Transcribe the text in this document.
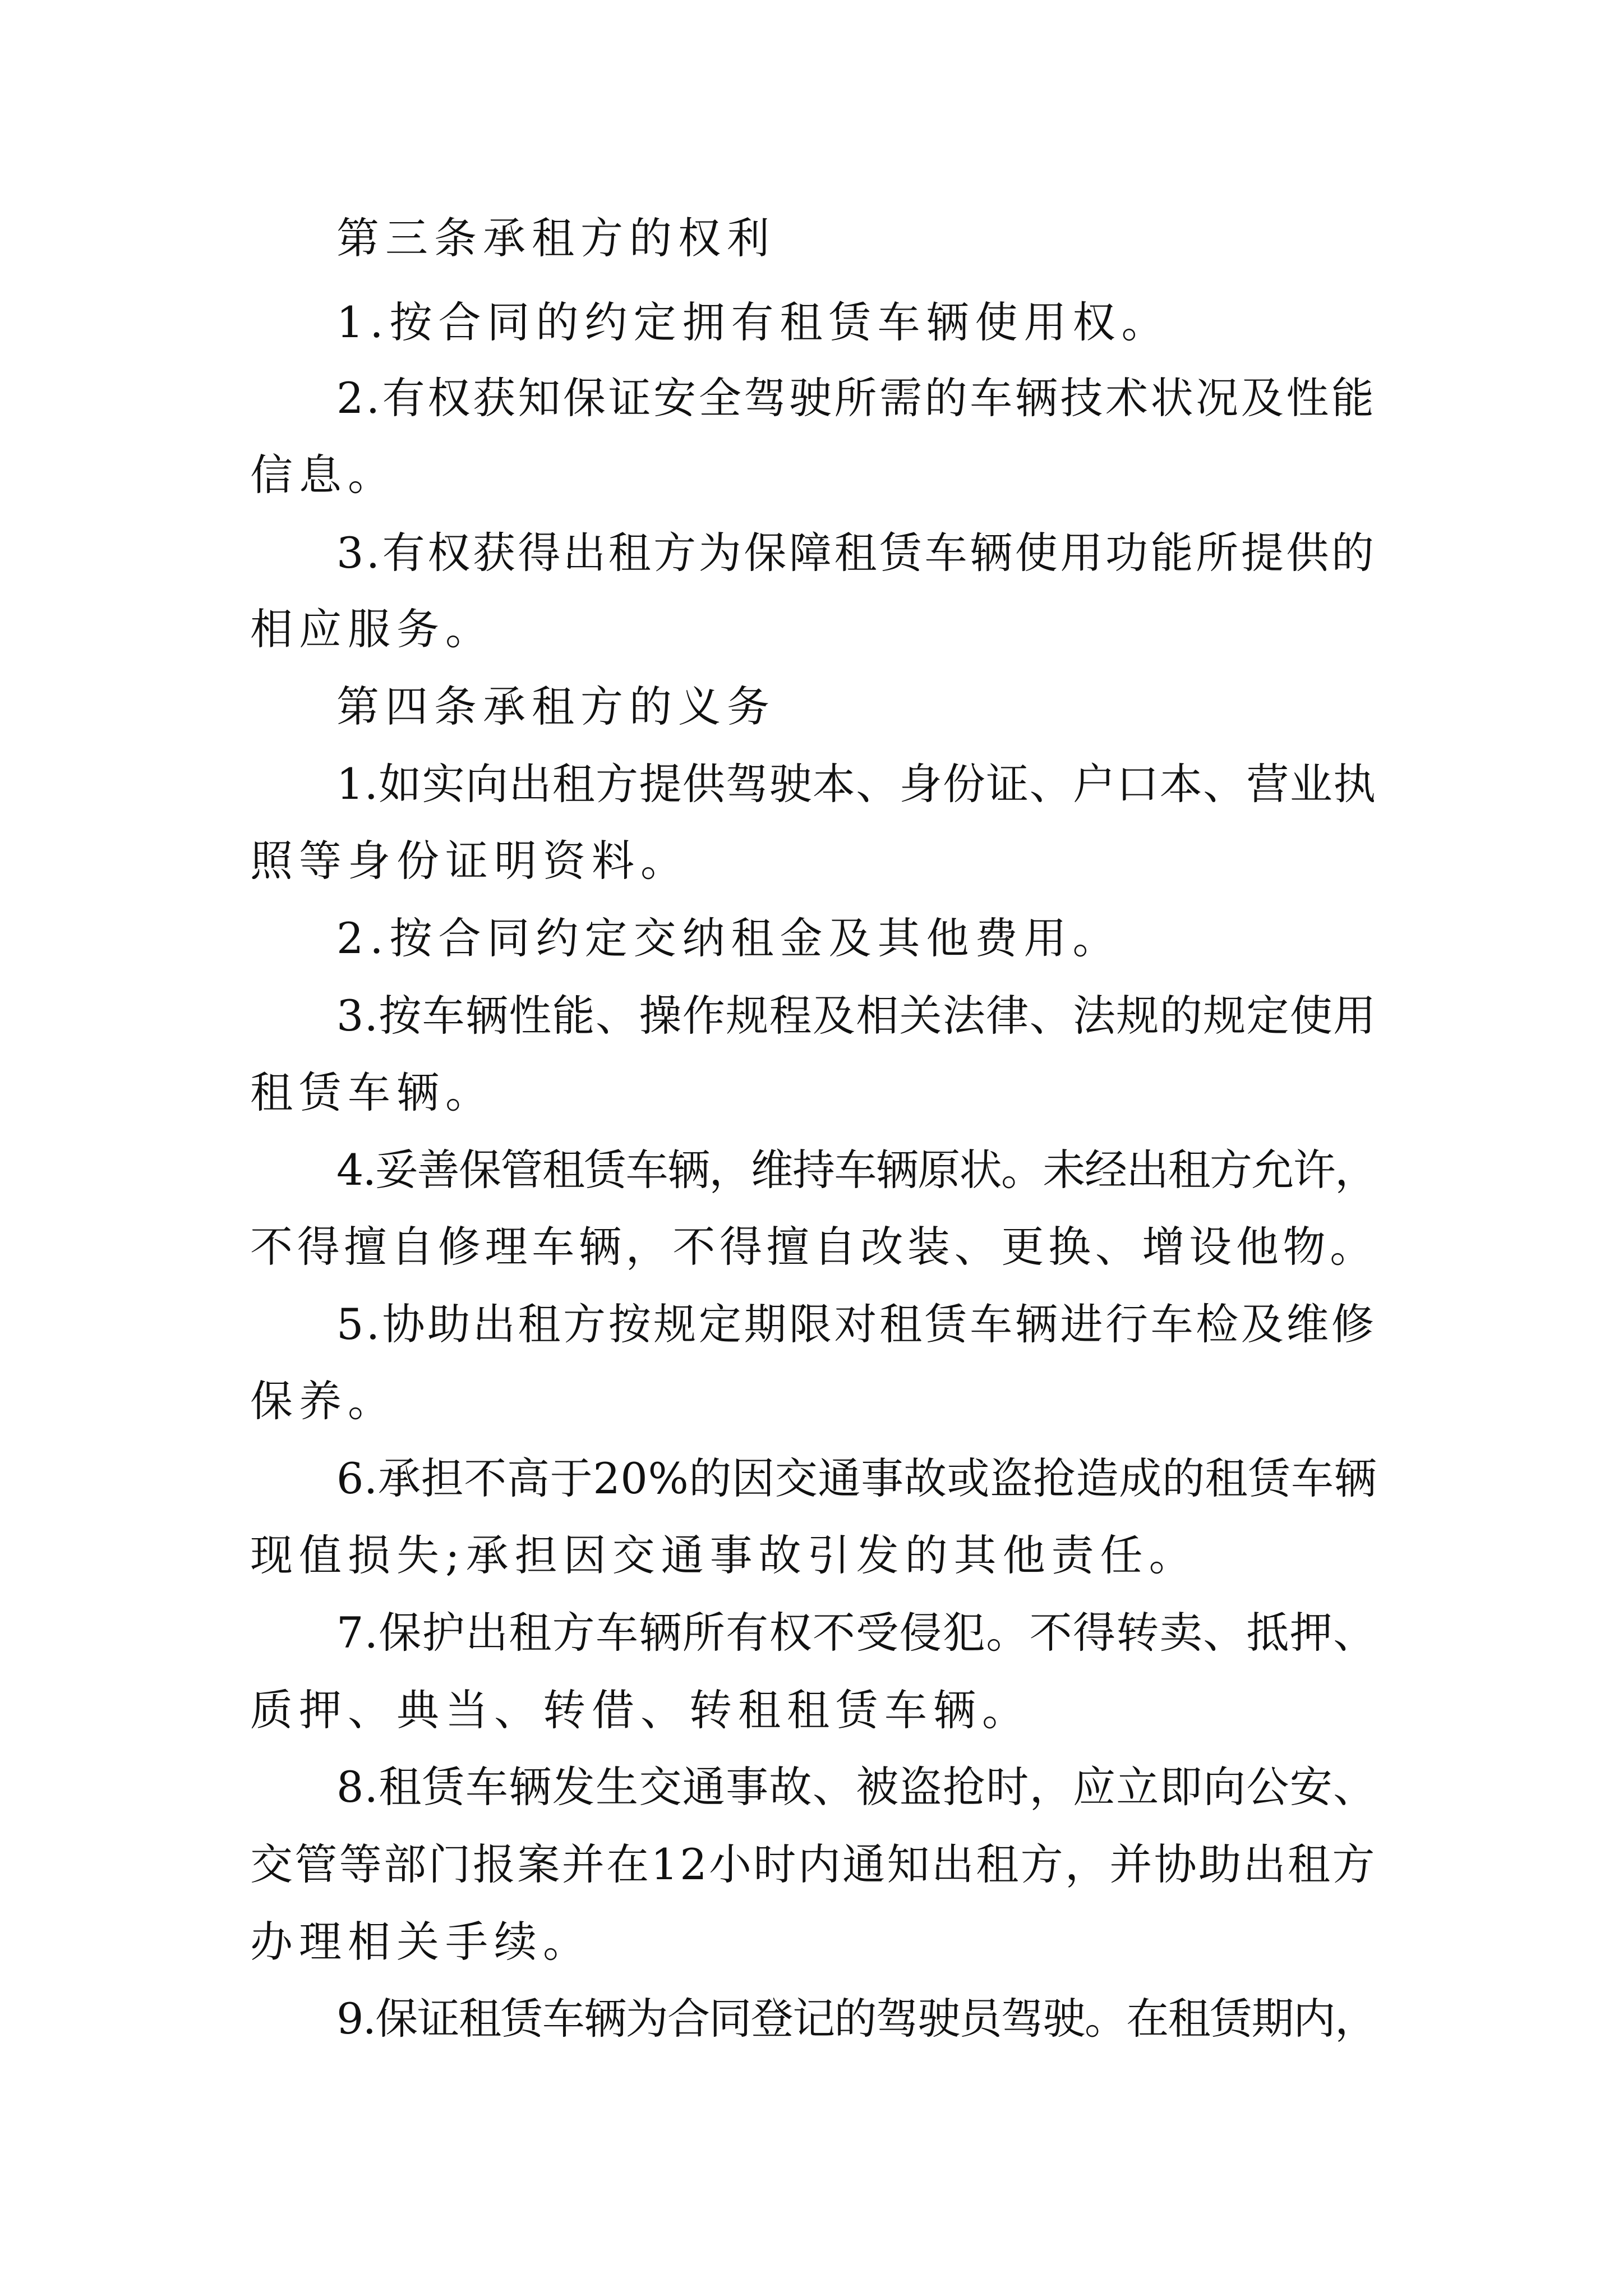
第三条承租方的权利

1.按合同的约定拥有租赁车辆使用权。

2.有权获知保证安全驾驶所需的车辆技术状况及性能

信息。

3.有权获得出租方为保障租赁车辆使用功能所提供的

相应服务。

第四条承租方的义务

1.如实向出租方提供驾驶本、身份证、户口本、营业执

照等身份证明资料。

2.按合同约定交纳租金及其他费用。

3.按车辆性能、操作规程及相关法律、法规的规定使用

租赁车辆。

4.妥善保管租赁车辆，维持车辆原状。未经出租方允许，

不得擅自修理车辆，不得擅自改装、更换、增设他物。

5.协助出租方按规定期限对租赁车辆进行车检及维修

保养。

6.承担不高于20%的因交通事故或盗抢造成的租赁车辆

现值损失;承担因交通事故引发的其他责任。

7.保护出租方车辆所有权不受侵犯。不得转卖、抵押、

质押、典当、转借、转租租赁车辆。

8.租赁车辆发生交通事故、被盗抢时，应立即向公安、

交管等部门报案并在12小时内通知出租方，并协助出租方

办理相关手续。

9.保证租赁车辆为合同登记的驾驶员驾驶。在租赁期内，
